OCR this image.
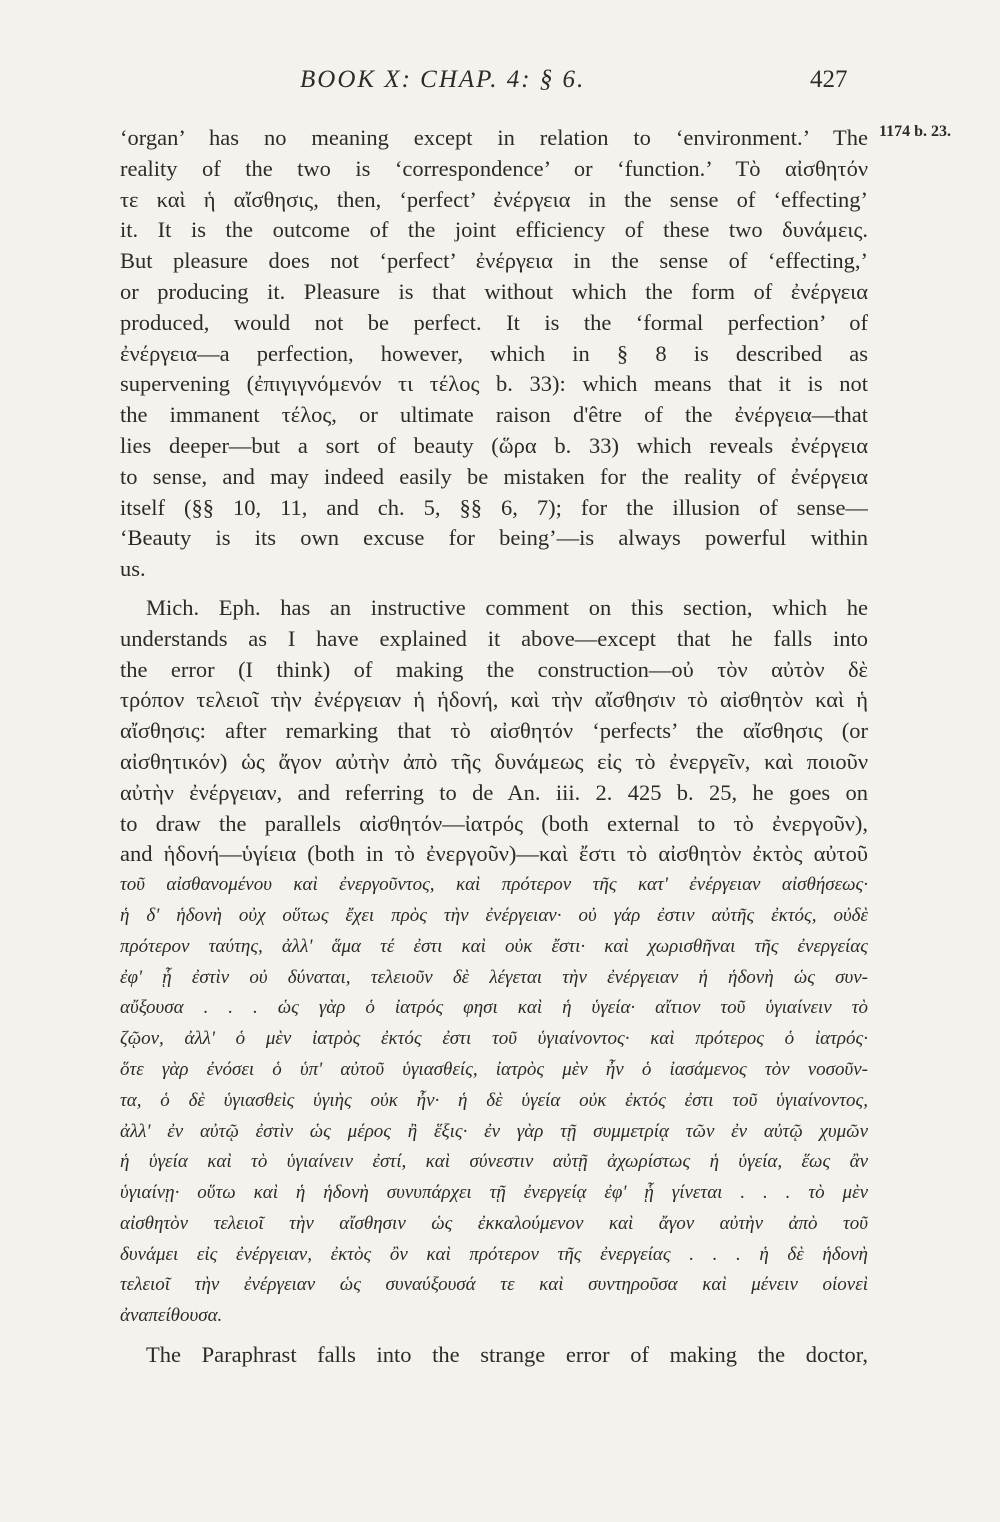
BOOK X: CHAP. 4: § 6.	427
1174 b. 23.
‘organ’ has no meaning except in relation to ‘environment.’ The
reality of the two is ‘correspondence’ or ‘function.’ Τὸ αἰσθητόν
τε καὶ ἡ αἴσθησις, then, ‘perfect’ ἐνέργεια in the sense of ‘effecting’
it. It is the outcome of the joint efficiency of these two δυνάμεις.
But pleasure does not ‘perfect’ ἐνέργεια in the sense of ‘effecting,’
or producing it. Pleasure is that without which the form of ἐνέργεια
produced, would not be perfect. It is the ‘formal perfection’ of
ἐνέργεια—a perfection, however, which in § 8 is described as
supervening (ἐπιγιγνόμενόν τι τέλος b. 33): which means that it is not
the immanent τέλος, or ultimate raison d'être of the ἐνέργεια—that
lies deeper—but a sort of beauty (ὥρα b. 33) which reveals ἐνέργεια
to sense, and may indeed easily be mistaken for the reality of ἐνέργεια
itself (§§ 10, 11, and ch. 5, §§ 6, 7); for the illusion of sense—
‘Beauty is its own excuse for being’—is always powerful within
us.
Mich. Eph. has an instructive comment on this section, which he
understands as I have explained it above—except that he falls into
the error (I think) of making the construction—οὐ τὸν αὐτὸν δὲ
τρόπον τελειοῖ τὴν ἐνέργειαν ἡ ἡδονή, καὶ τὴν αἴσθησιν τὸ αἰσθητὸν καὶ ἡ
αἴσθησις: after remarking that τὸ αἰσθητόν ‘perfects’ the αἴσθησις (or
αἰσθητικόν) ὡς ἄγον αὐτὴν ἀπὸ τῆς δυνάμεως εἰς τὸ ἐνεργεῖν, καὶ ποιοῦν
αὐτὴν ἐνέργειαν, and referring to de An. iii. 2. 425 b. 25, he goes on
to draw the parallels αἰσθητόν—ἰατρός (both external to τὸ ἐνεργοῦν),
and ἡδονή—ὑγίεια (both in τὸ ἐνεργοῦν)—καὶ ἔστι τὸ αἰσθητὸν ἐκτὸς αὐτοῦ
τοῦ αἰσθανομένου καὶ ἐνεργοῦντος, καὶ πρότερον τῆς κατ' ἐνέργειαν αἰσθήσεως·
ἡ δ' ἡδονὴ οὐχ οὕτως ἔχει πρὸς τὴν ἐνέργειαν· οὐ γάρ ἐστιν αὐτῆς ἐκτός, οὐδὲ
πρότερον ταύτης, ἀλλ' ἅμα τέ ἐστι καὶ οὐκ ἔστι· καὶ χωρισθῆναι τῆς ἐνεργείας
ἐφ' ᾗ ἐστὶν οὐ δύναται, τελειοῦν δὲ λέγεται τὴν ἐνέργειαν ἡ ἡδονὴ ὡς συν-
αὔξουσα . . . ὡς γὰρ ὁ ἰατρός φησι καὶ ἡ ὑγεία· αἴτιον τοῦ ὑγιαίνειν τὸ
ζῷον, ἀλλ' ὁ μὲν ἰατρὸς ἐκτός ἐστι τοῦ ὑγιαίνοντος· καὶ πρότερος ὁ ἰατρός·
ὅτε γὰρ ἐνόσει ὁ ὑπ' αὐτοῦ ὑγιασθείς, ἰατρὸς μὲν ἦν ὁ ἰασάμενος τὸν νοσοῦν-
τα, ὁ δὲ ὑγιασθεὶς ὑγιὴς οὐκ ἦν· ἡ δὲ ὑγεία οὐκ ἐκτός ἐστι τοῦ ὑγιαίνοντος,
ἀλλ' ἐν αὐτῷ ἐστὶν ὡς μέρος ἢ ἕξις· ἐν γὰρ τῇ συμμετρίᾳ τῶν ἐν αὐτῷ χυμῶν
ἡ ὑγεία καὶ τὸ ὑγιαίνειν ἐστί, καὶ σύνεστιν αὐτῇ ἀχωρίστως ἡ ὑγεία, ἕως ἂν
ὑγιαίνῃ· οὕτω καὶ ἡ ἡδονὴ συνυπάρχει τῇ ἐνεργείᾳ ἐφ' ᾗ γίνεται . . . τὸ μὲν
αἰσθητὸν τελειοῖ τὴν αἴσθησιν ὡς ἐκκαλούμενον καὶ ἄγον αὐτὴν ἀπὸ τοῦ
δυνάμει εἰς ἐνέργειαν, ἐκτὸς ὂν καὶ πρότερον τῆς ἐνεργείας . . . ἡ δὲ ἡδονὴ
τελειοῖ τὴν ἐνέργειαν ὡς συναύξουσά τε καὶ συντηροῦσα καὶ μένειν οἱονεὶ
ἀναπείθουσα.
The Paraphrast falls into the strange error of making the doctor,
